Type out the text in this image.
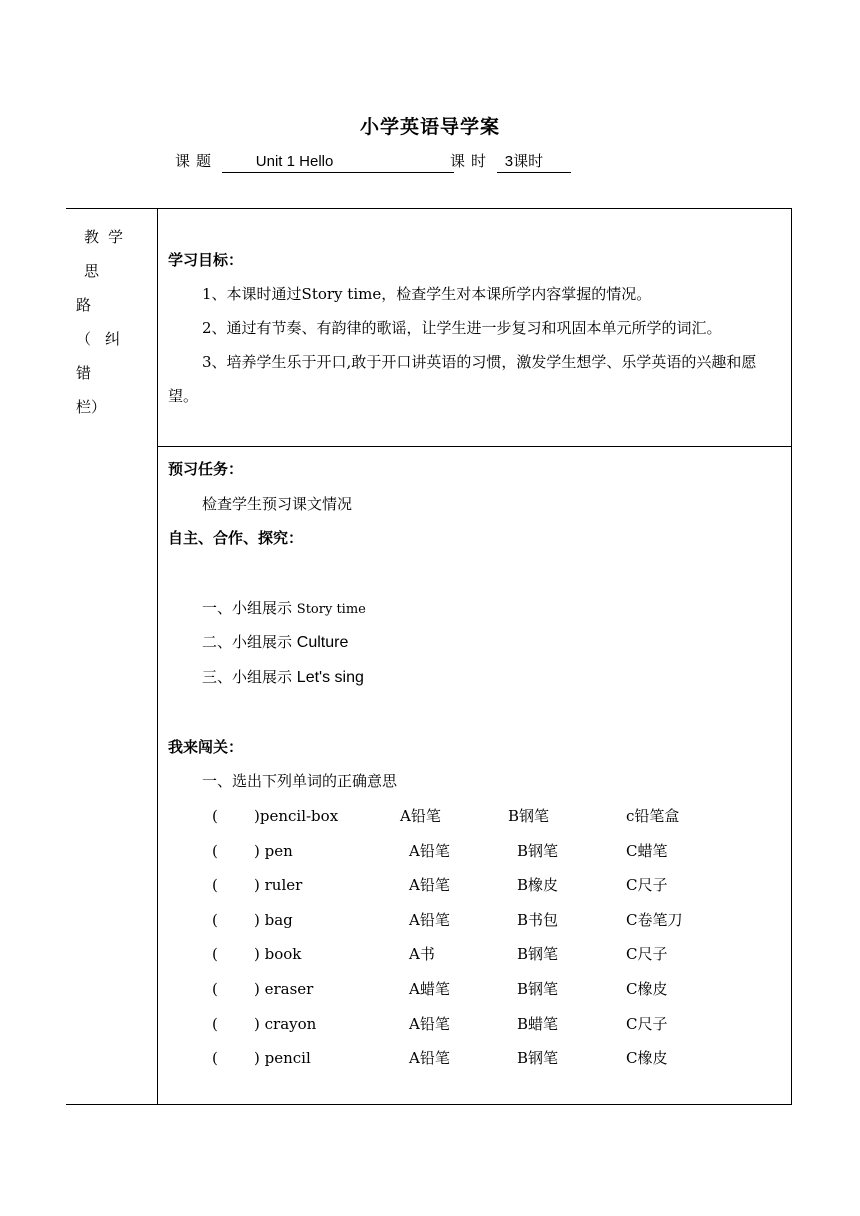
小学英语导学案
课题	Unit 1 Hello	课时 3课时
教学思
路
（纠错
栏）
学习目标：
1、本课时通过Story time，检查学生对本课所学内容掌握的情况。
2、通过有节奏、有韵律的歌谣，让学生进一步复习和巩固本单元所学的词汇。
3、培养学生乐于开口,敢于开口讲英语的习惯，激发学生想学、乐学英语的兴趣和愿望。
预习任务：
检查学生预习课文情况
自主、合作、探究：
一、小组展示 Story time
二、小组展示 Culture
三、小组展示 Let's sing
我来闯关：
一、选出下列单词的正确意思
( )pencil-box	A铅笔	B钢笔	c铅笔盒
( ) pen	A铅笔	B钢笔	C蜡笔
( ) ruler	A铅笔	B橡皮	C尺子
( ) bag	A铅笔	B书包	C卷笔刀
( ) book	A书	B钢笔	C尺子
( ) eraser	A蜡笔	B钢笔	C橡皮
( ) crayon	A铅笔	B蜡笔	C尺子
( ) pencil	A铅笔	B钢笔	C橡皮
